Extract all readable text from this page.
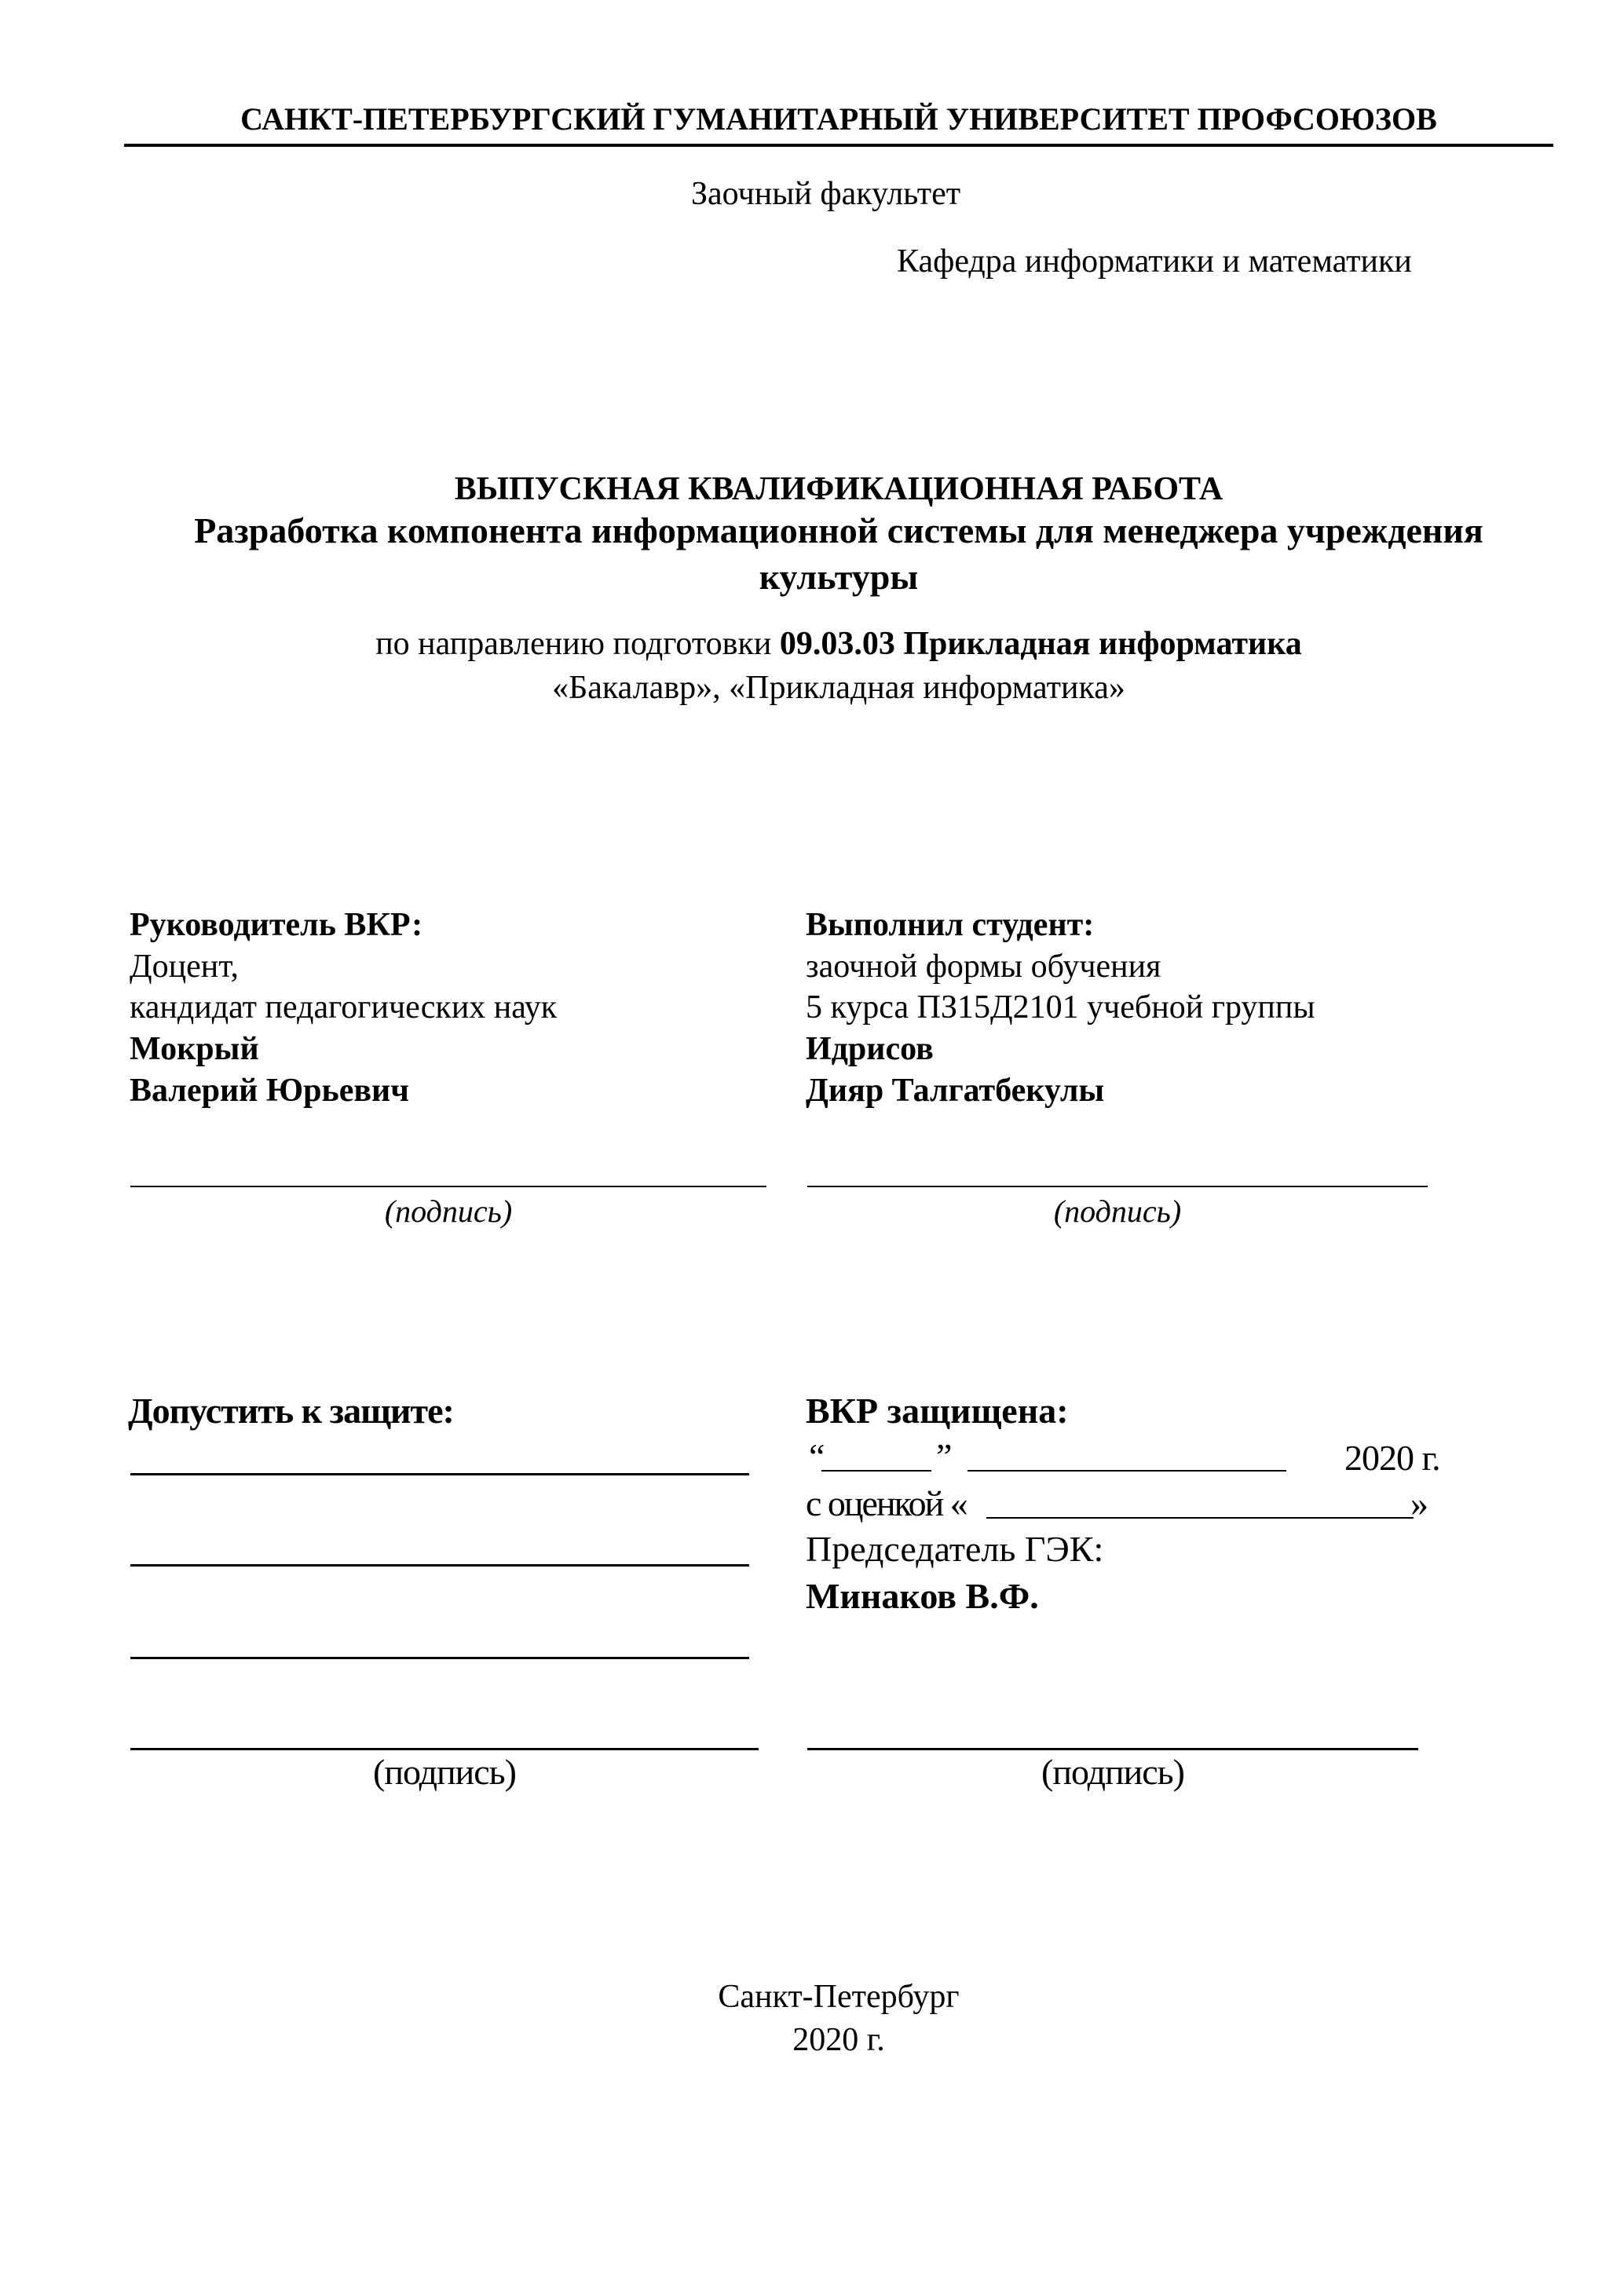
САНКТ-ПЕТЕРБУРГСКИЙ ГУМАНИТАРНЫЙ УНИВЕРСИТЕТ ПРОФСОЮЗОВ
Заочный факультет
Кафедра информатики и математики
ВЫПУСКНАЯ КВАЛИФИКАЦИОННАЯ РАБОТА
Разработка компонента информационной системы для менеджера учреждения
культуры
по направлению подготовки 09.03.03 Прикладная информатика
«Бакалавр», «Прикладная информатика»
Руководитель ВКР:
Доцент,
кандидат педагогических наук
Мокрый
Валерий Юрьевич
(подпись)
Выполнил студент:
заочной формы обучения
5 курса ПЗ15Д2101 учебной группы
Идрисов
Дияр Талгатбекулы
(подпись)
Допустить к защите:
(подпись)
ВКР защищена:
“	”	2020 г.
с оценкой «	»
Председатель ГЭК:
Минаков В.Ф.
(подпись)
Санкт-Петербург
2020 г.
